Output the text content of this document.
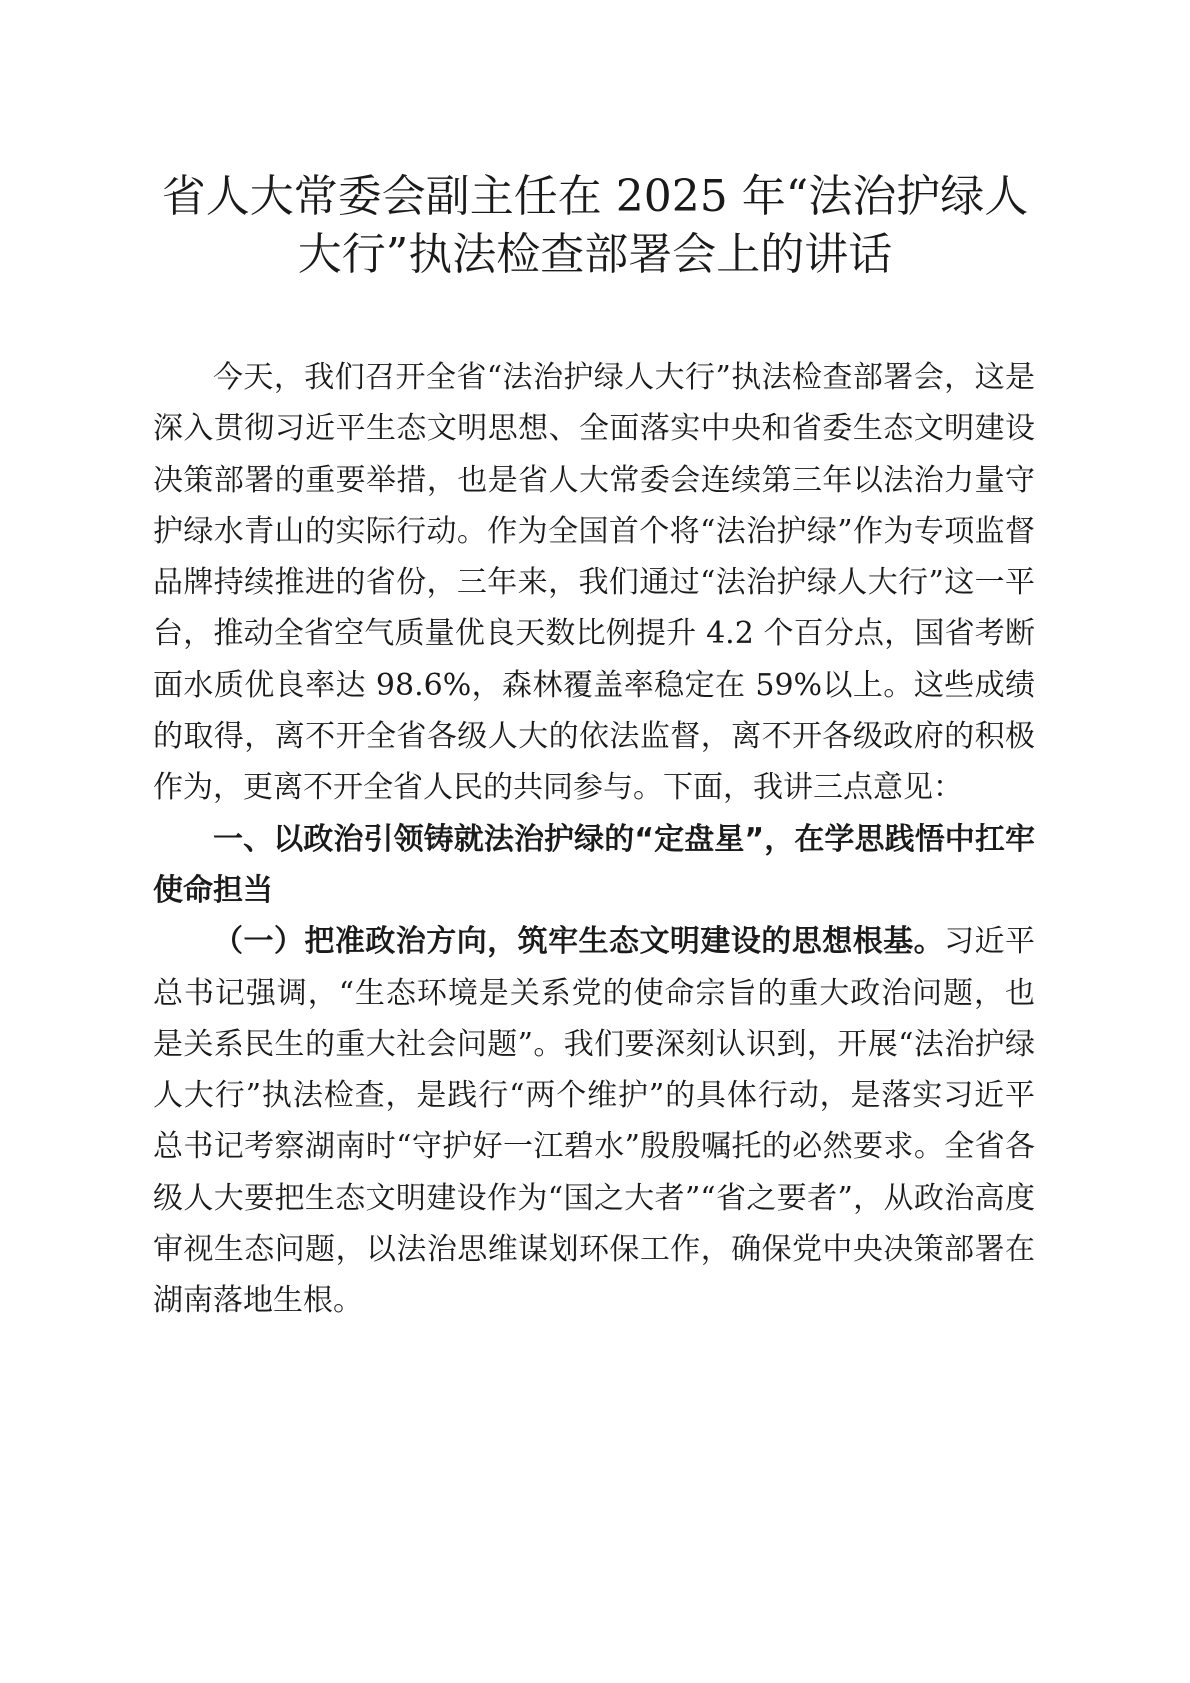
省人大常委会副主任在 2025 年“法治护绿人
大行”执法检查部署会上的讲话

今天，我们召开全省“法治护绿人大行”执法检查部署会，这是深入贯彻习近平生态文明思想、全面落实中央和省委生态文明建设决策部署的重要举措，也是省人大常委会连续第三年以法治力量守护绿水青山的实际行动。作为全国首个将“法治护绿”作为专项监督品牌持续推进的省份，三年来，我们通过“法治护绿人大行”这一平台，推动全省空气质量优良天数比例提升 4.2 个百分点，国省考断面水质优良率达 98.6%，森林覆盖率稳定在 59%以上。这些成绩的取得，离不开全省各级人大的依法监督，离不开各级政府的积极作为，更离不开全省人民的共同参与。下面，我讲三点意见：

一、以政治引领铸就法治护绿的“定盘星”，在学思践悟中扛牢使命担当

（一）把准政治方向，筑牢生态文明建设的思想根基。习近平总书记强调，“生态环境是关系党的使命宗旨的重大政治问题，也是关系民生的重大社会问题”。我们要深刻认识到，开展“法治护绿人大行”执法检查，是践行“两个维护”的具体行动，是落实习近平总书记考察湖南时“守护好一江碧水”殷殷嘱托的必然要求。全省各级人大要把生态文明建设作为“国之大者”“省之要者”，从政治高度审视生态问题，以法治思维谋划环保工作，确保党中央决策部署在湖南落地生根。
